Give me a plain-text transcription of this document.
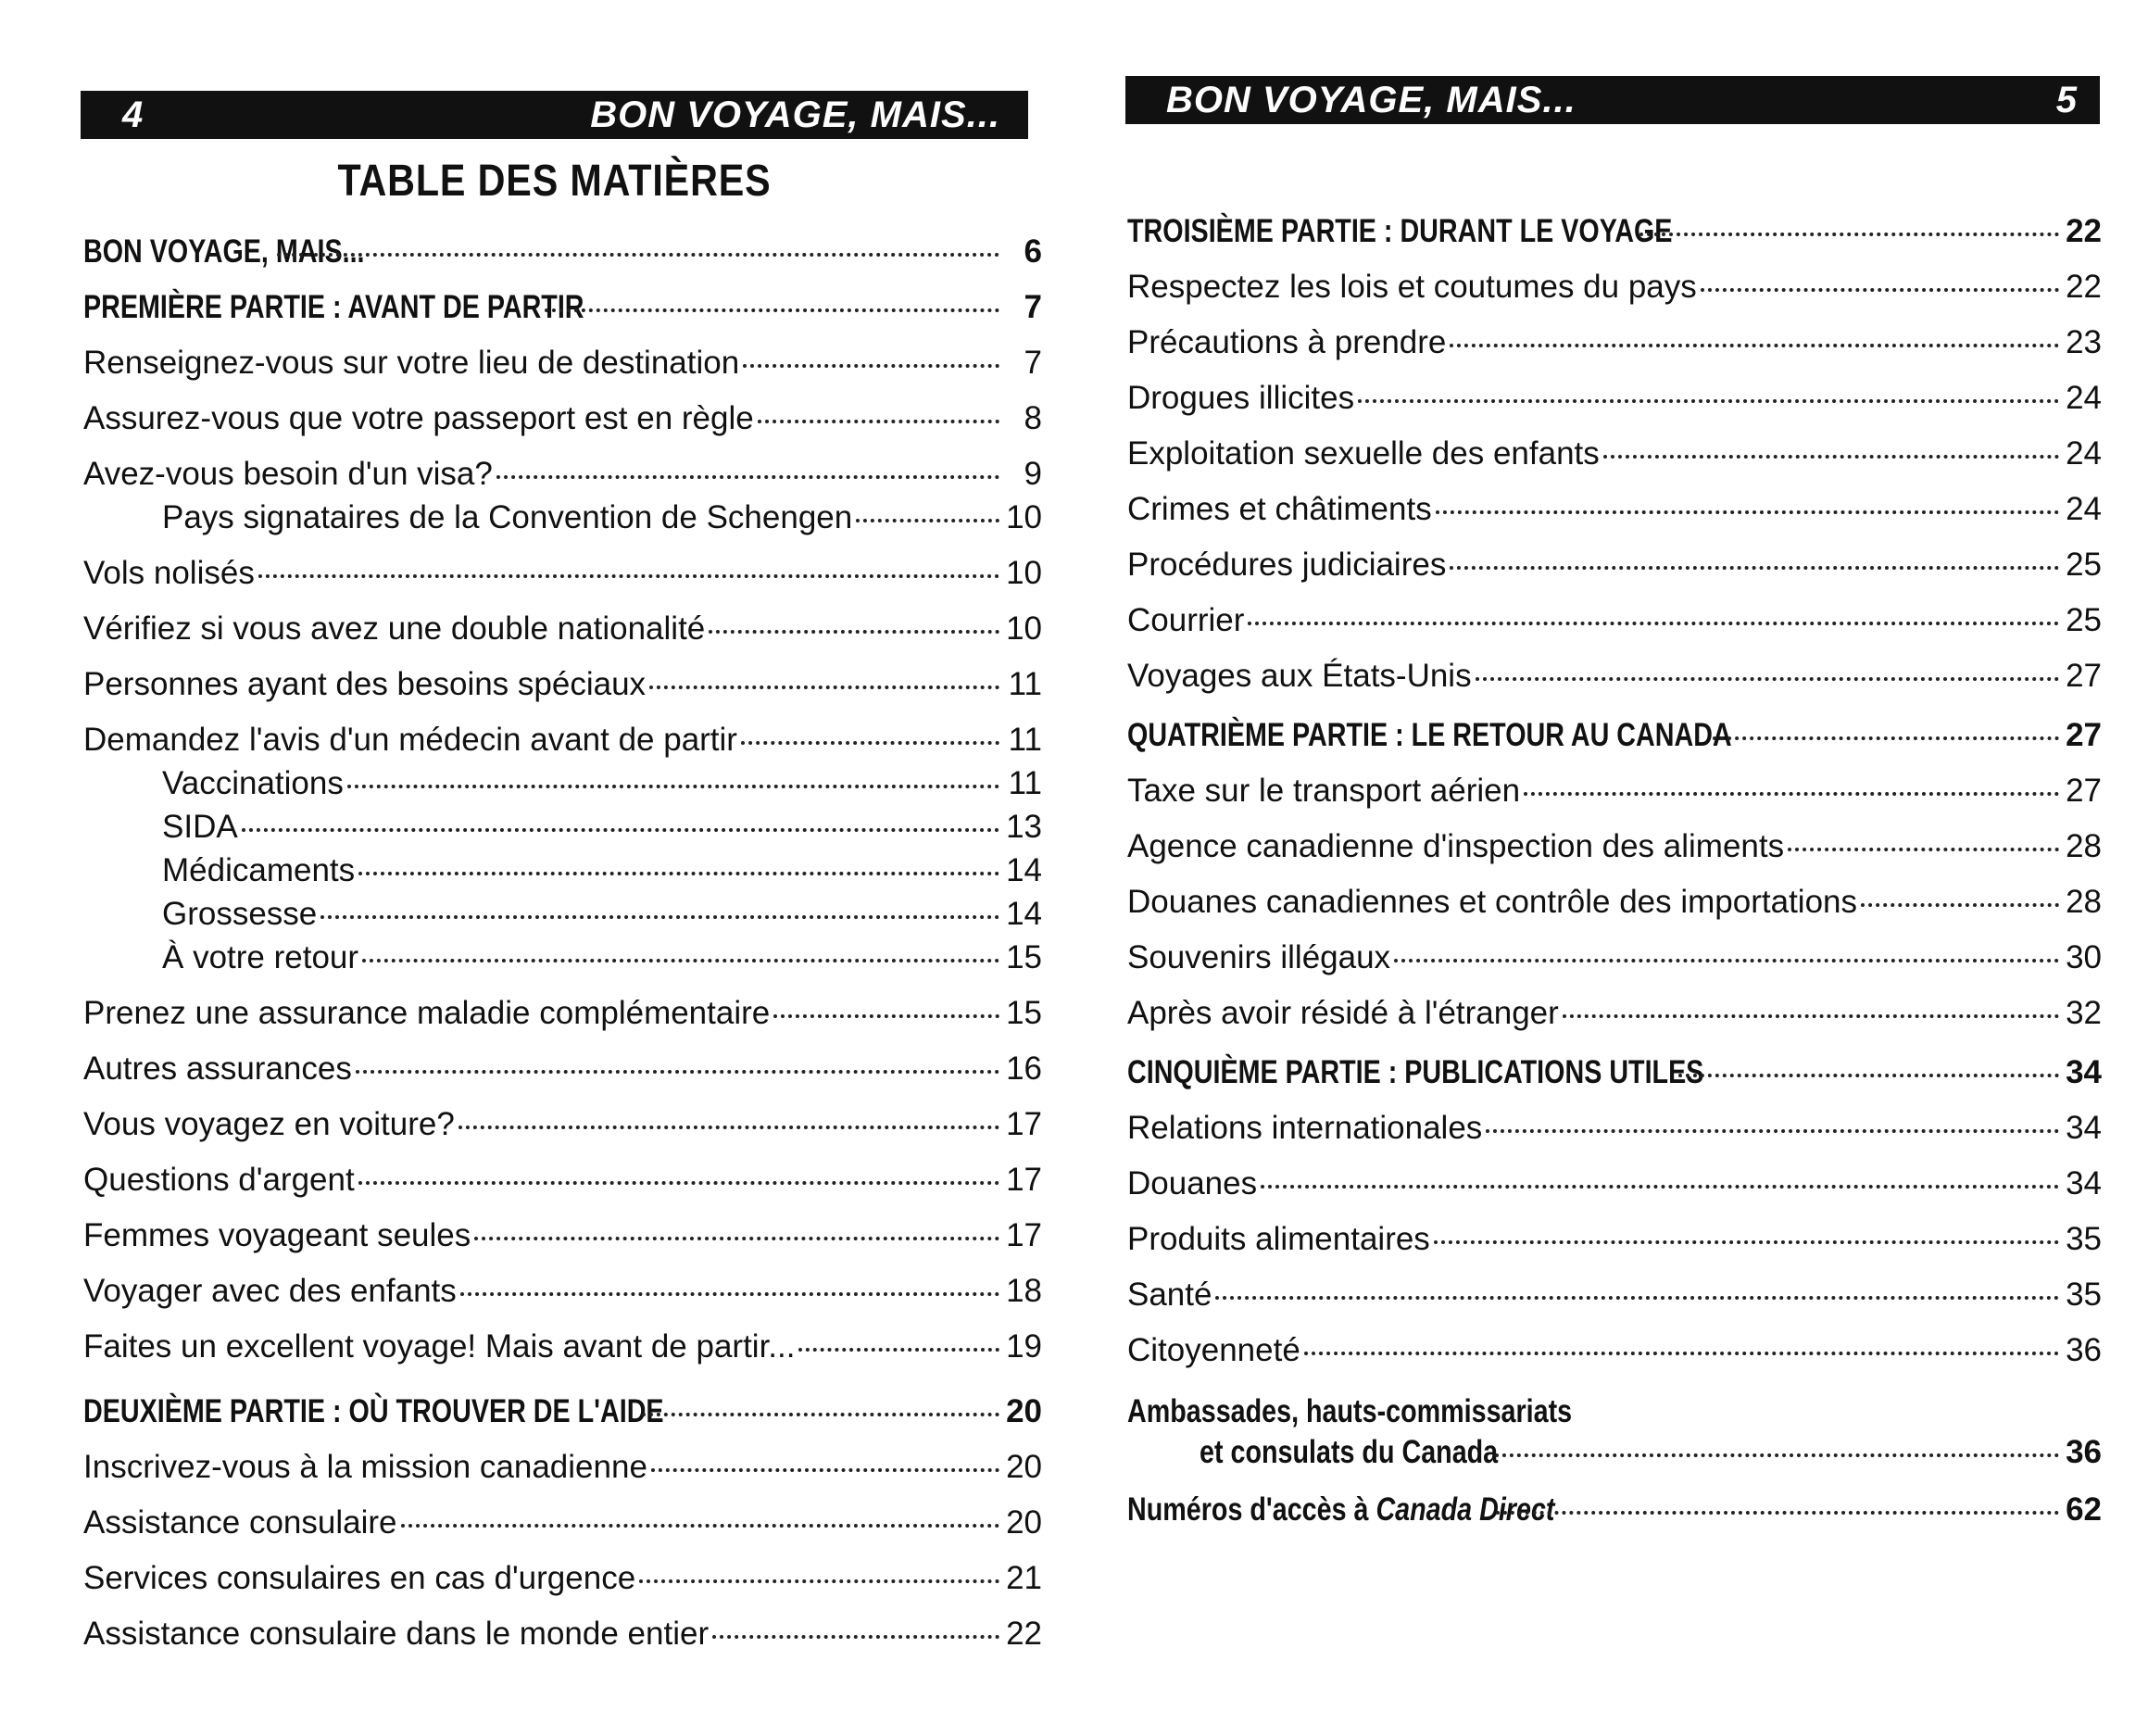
4	BON VOYAGE, MAIS...
TABLE DES MATIÈRES
BON VOYAGE, MAIS...	6
PREMIÈRE PARTIE : AVANT DE PARTIR	7
Renseignez-vous sur votre lieu de destination	7
Assurez-vous que votre passeport est en règle	8
Avez-vous besoin d'un visa?	9
Pays signataires de la Convention de Schengen	10
Vols nolisés	10
Vérifiez si vous avez une double nationalité	10
Personnes ayant des besoins spéciaux	11
Demandez l'avis d'un médecin avant de partir	11
Vaccinations	11
SIDA	13
Médicaments	14
Grossesse	14
À votre retour	15
Prenez une assurance maladie complémentaire	15
Autres assurances	16
Vous voyagez en voiture?	17
Questions d'argent	17
Femmes voyageant seules	17
Voyager avec des enfants	18
Faites un excellent voyage! Mais avant de partir...	19
DEUXIÈME PARTIE : OÙ TROUVER DE L'AIDE	20
Inscrivez-vous à la mission canadienne	20
Assistance consulaire	20
Services consulaires en cas d'urgence	21
Assistance consulaire dans le monde entier	22
BON VOYAGE, MAIS...	5
TROISIÈME PARTIE : DURANT LE VOYAGE	22
Respectez les lois et coutumes du pays	22
Précautions à prendre	23
Drogues illicites	24
Exploitation sexuelle des enfants	24
Crimes et châtiments	24
Procédures judiciaires	25
Courrier	25
Voyages aux États-Unis	27
QUATRIÈME PARTIE : LE RETOUR AU CANADA	27
Taxe sur le transport aérien	27
Agence canadienne d'inspection des aliments	28
Douanes canadiennes et contrôle des importations	28
Souvenirs illégaux	30
Après avoir résidé à l'étranger	32
CINQUIÈME PARTIE : PUBLICATIONS UTILES	34
Relations internationales	34
Douanes	34
Produits alimentaires	35
Santé	35
Citoyenneté	36
Ambassades, hauts-commissariats
et consulats du Canada	36
Numéros d'accès à Canada Direct	62
